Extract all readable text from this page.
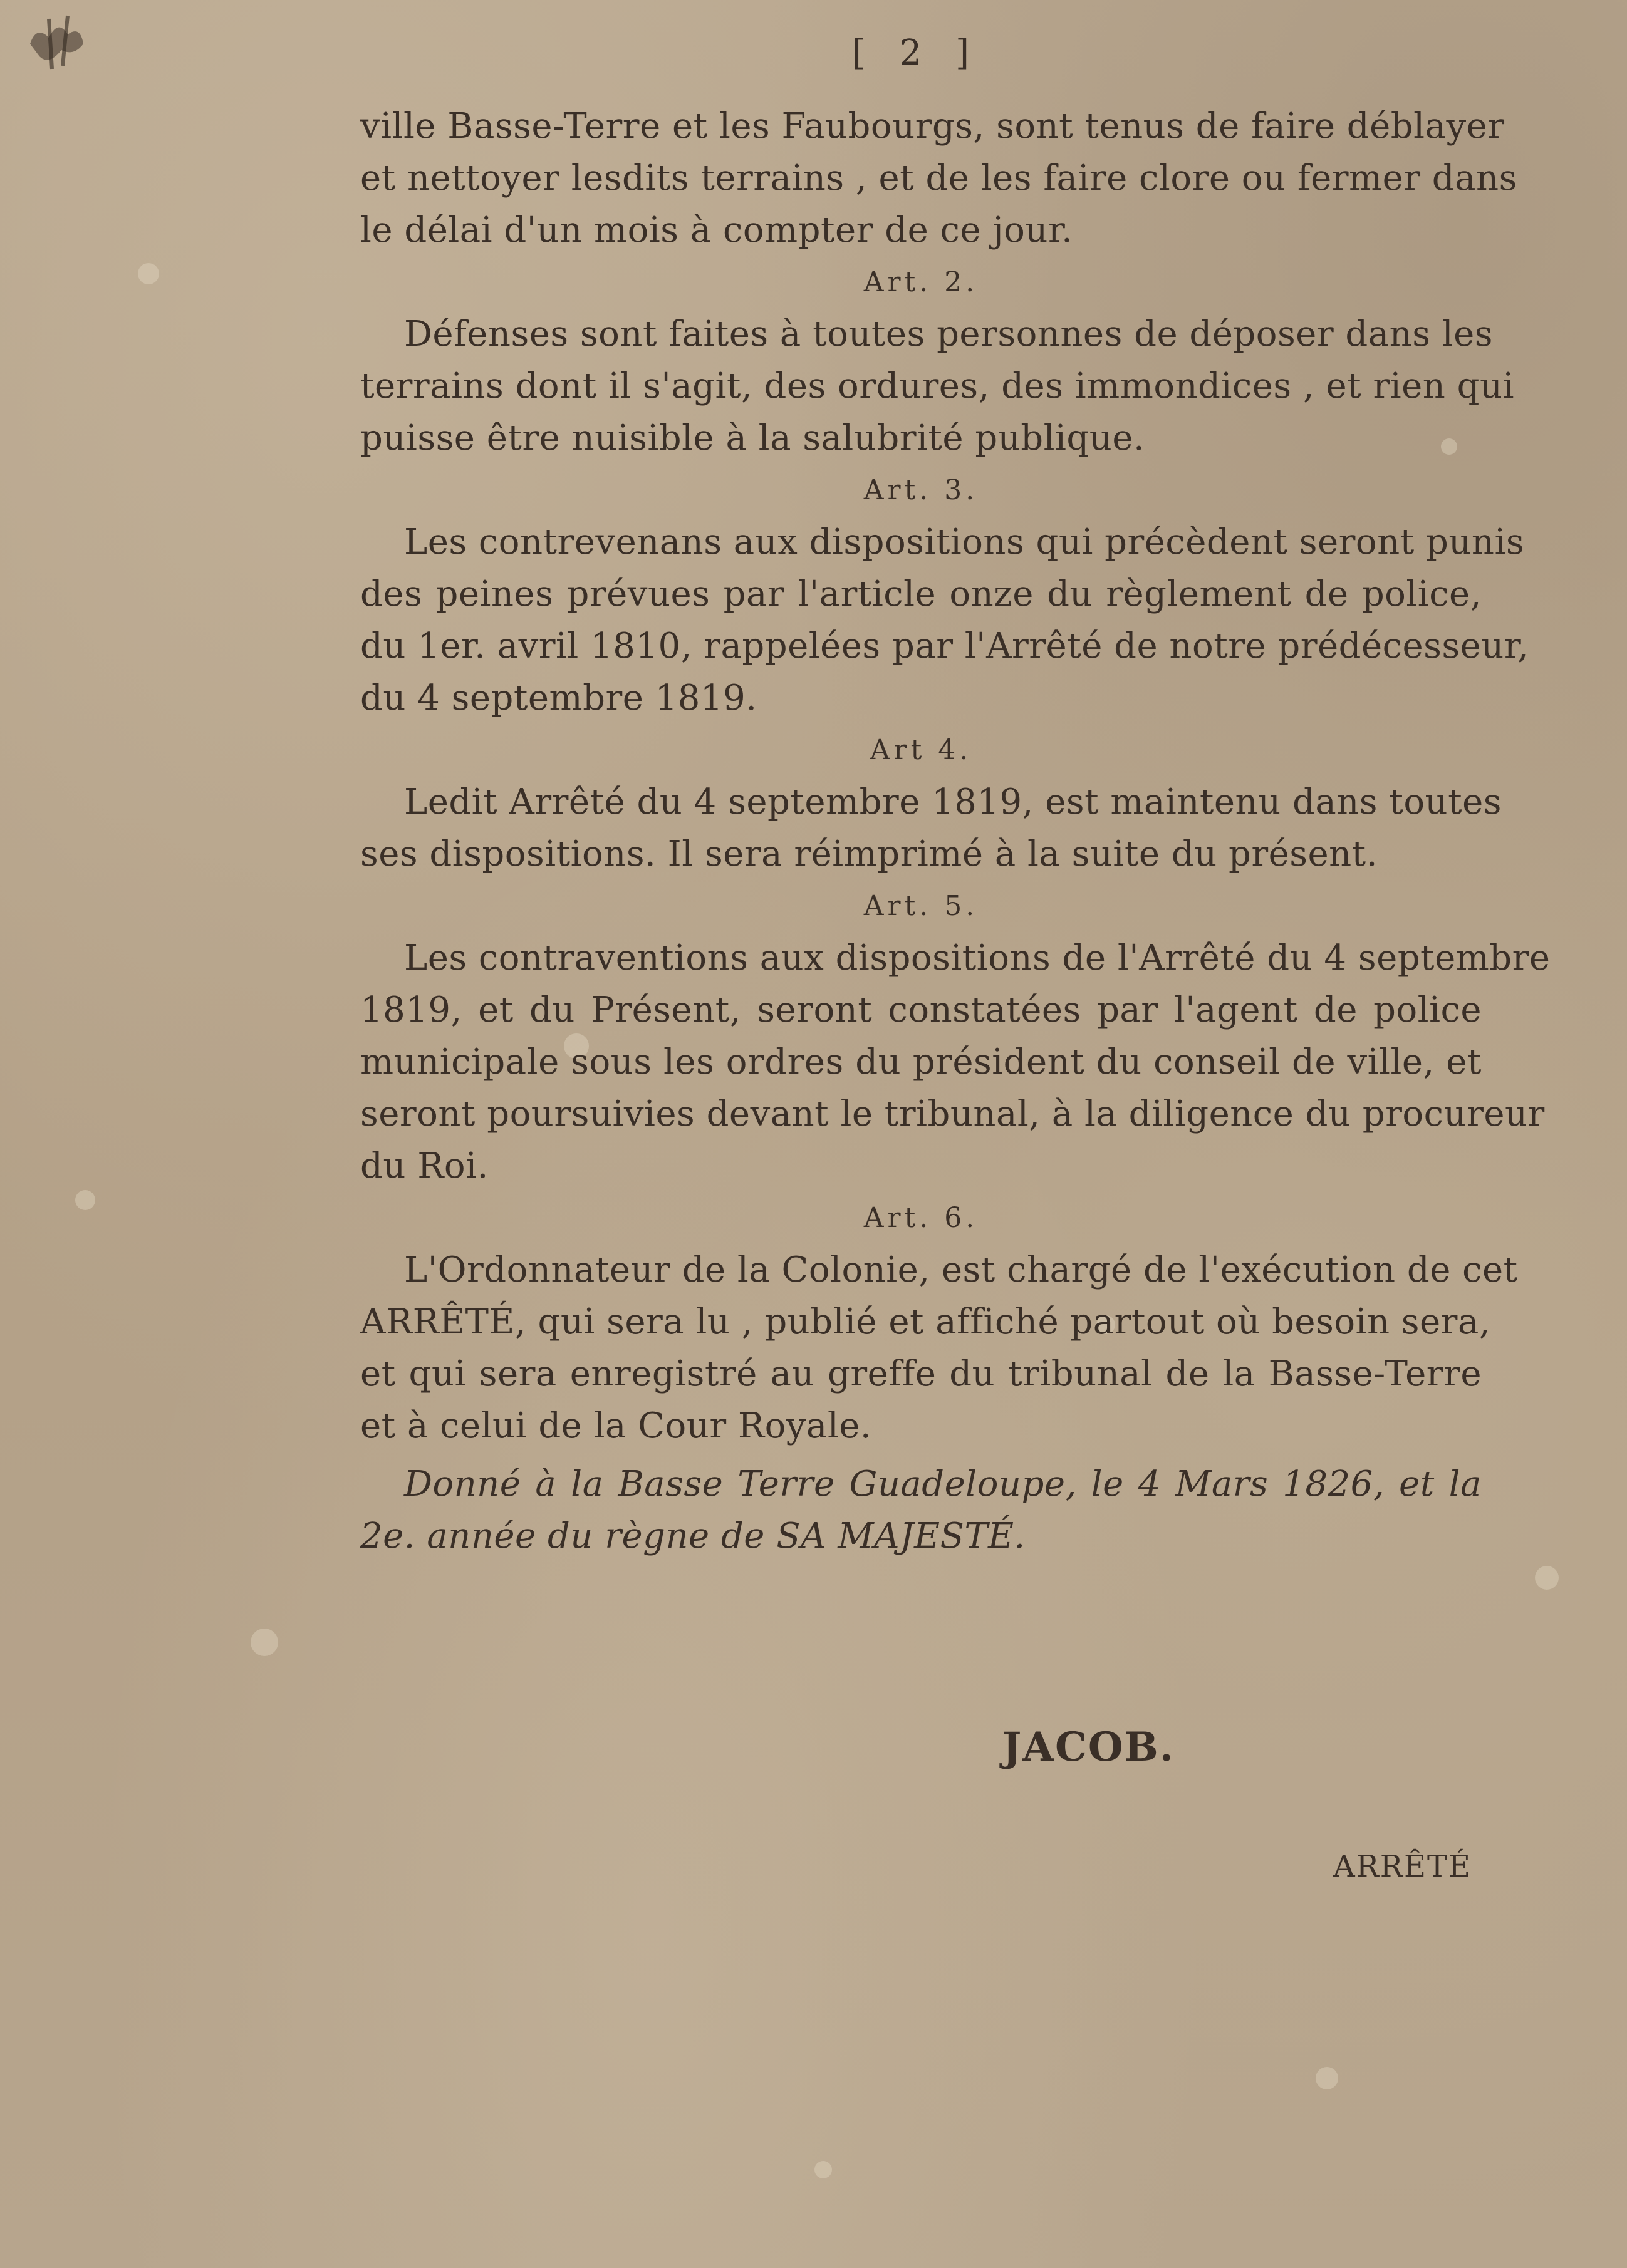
[ 2 ]
ville Basse-Terre et les Faubourgs, sont tenus de faire déblayer
et nettoyer lesdits terrains , et de les faire clore ou fermer dans
le délai d'un mois à compter de ce jour.
Art. 2.
Défenses sont faites à toutes personnes de déposer dans les
terrains dont il s'agit, des ordures, des immondices , et rien qui
puisse être nuisible à la salubrité publique.
Art. 3.
Les contrevenans aux dispositions qui précèdent seront punis
des peines prévues par l'article onze du règlement de police,
du 1er. avril 1810, rappelées par l'Arrêté de notre prédécesseur,
du 4 septembre 1819.
Art 4.
Ledit Arrêté du 4 septembre 1819, est maintenu dans toutes
ses dispositions. Il sera réimprimé à la suite du présent.
Art. 5.
Les contraventions aux dispositions de l'Arrêté du 4 septembre
1819, et du Présent, seront constatées par l'agent de police
municipale sous les ordres du président du conseil de ville, et
seront poursuivies devant le tribunal, à la diligence du procureur
du Roi.
Art. 6.
L'Ordonnateur de la Colonie, est chargé de l'exécution de cet
ARRÊTÉ, qui sera lu , publié et affiché partout où besoin sera,
et qui sera enregistré au greffe du tribunal de la Basse-Terre
et à celui de la Cour Royale.
Donné à la Basse Terre Guadeloupe, le 4 Mars 1826, et la
2e. année du règne de SA MAJESTÉ.
JACOB.
ARRÊTÉ
